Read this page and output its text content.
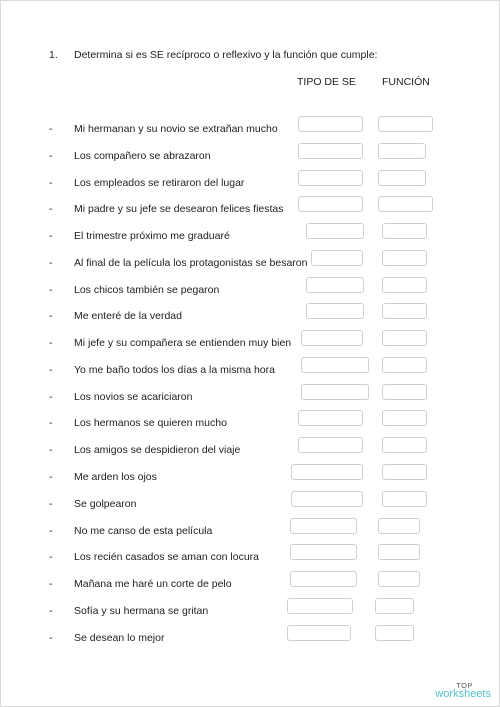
1. Determina si es SE recíproco o reflexivo y la función que cumple:
TIPO DE SE FUNCIÓN
- Mi hermanan y su novio se extrañan mucho
- Los compañero se abrazaron
- Los empleados se retiraron del lugar
- Mi padre y su jefe se desearon felices fiestas
- El trimestre próximo me graduaré
- Al final de la película los protagonistas se besaron
- Los chicos también se pegaron
- Me enteré de la verdad
- Mi jefe y su compañera se entienden muy bien
- Yo me baño todos los días a la misma hora
- Los novios se acariciaron
- Los hermanos se quieren mucho
- Los amigos se despidieron del viaje
- Me arden los ojos
- Se golpearon
- No me canso de esta película
- Los recién casados se aman con locura
- Mañana me haré un corte de pelo
- Sofía y su hermana se gritan
- Se desean lo mejor
TOP
worksheets
